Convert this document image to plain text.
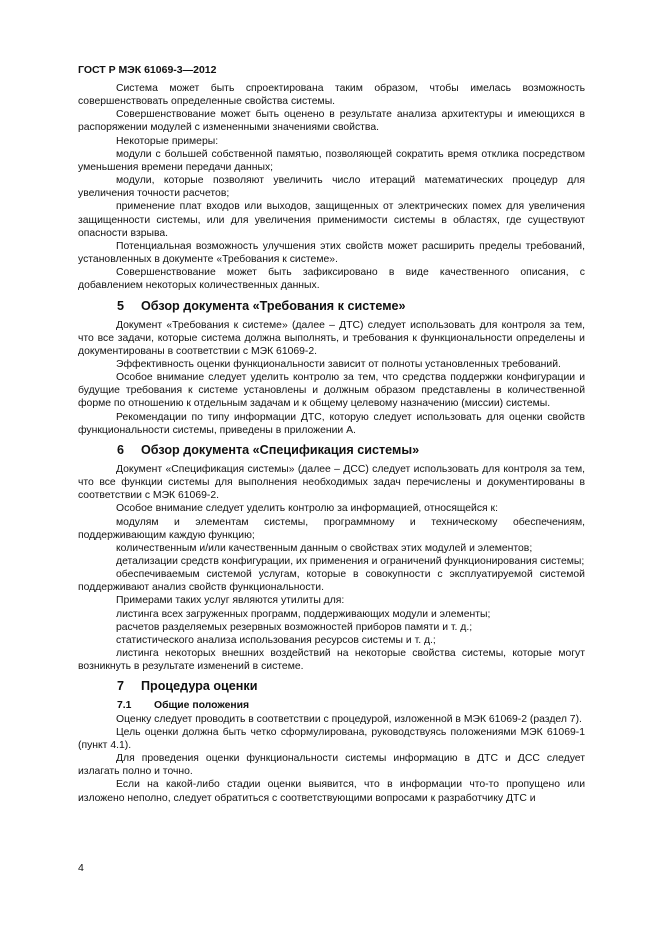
ГОСТ Р МЭК 61069-3—2012

Система может быть спроектирована таким образом, чтобы имелась возможность совершенствовать определенные свойства системы.

Совершенствование может быть оценено в результате анализа архитектуры и имеющихся в распоряжении модулей с измененными значениями свойства.

Некоторые примеры:

модули с большей собственной памятью, позволяющей сократить время отклика посредством уменьшения времени передачи данных;

модули, которые позволяют увеличить число итераций математических процедур для увеличения точности расчетов;

применение плат входов или выходов, защищенных от электрических помех для увеличения защищенности системы, или для увеличения применимости системы в областях, где существуют опасности взрыва.

Потенциальная возможность улучшения этих свойств может расширить пределы требований, установленных в документе «Требования к системе».

Совершенствование может быть зафиксировано в виде качественного описания, с добавлением некоторых количественных данных.

5 Обзор документа «Требования к системе»

Документ «Требования к системе» (далее – ДТС) следует использовать для контроля за тем, что все задачи, которые система должна выполнять, и требования к функциональности определены и документированы в соответствии с МЭК 61069-2.

Эффективность оценки функциональности зависит от полноты установленных требований.

Особое внимание следует уделить контролю за тем, что средства поддержки конфигурации и будущие требования к системе установлены и должным образом представлены в количественной форме по отношению к отдельным задачам и к общему целевому назначению (миссии) системы.

Рекомендации по типу информации ДТС, которую следует использовать для оценки свойств функциональности системы, приведены в приложении А.

6 Обзор документа «Спецификация системы»

Документ «Спецификация системы» (далее – ДСС) следует использовать для контроля за тем, что все функции системы для выполнения необходимых задач перечислены и документированы в соответствии с МЭК 61069-2.

Особое внимание следует уделить контролю за информацией, относящейся к:

модулям и элементам системы, программному и техническому обеспечениям, поддерживающим каждую функцию;

количественным и/или качественным данным о свойствах этих модулей и элементов;

детализации средств конфигурации, их применения и ограничений функционирования системы;

обеспечиваемым системой услугам, которые в совокупности с эксплуатируемой системой поддерживают анализ свойств функциональности.

Примерами таких услуг являются утилиты для:

листинга всех загруженных программ, поддерживающих модули и элементы;

расчетов разделяемых резервных возможностей приборов памяти и т. д.;

статистического анализа использования ресурсов системы и т. д.;

листинга некоторых внешних воздействий на некоторые свойства системы, которые могут возникнуть в результате изменений в системе.

7 Процедура оценки
7.1 Общие положения

Оценку следует проводить в соответствии с процедурой, изложенной в МЭК 61069-2 (раздел 7).

Цель оценки должна быть четко сформулирована, руководствуясь положениями МЭК 61069-1 (пункт 4.1).

Для проведения оценки функциональности системы информацию в ДТС и ДСС следует излагать полно и точно.

Если на какой-либо стадии оценки выявится, что в информации что-то пропущено или изложено неполно, следует обратиться с соответствующими вопросами к разработчику ДТС и

4
